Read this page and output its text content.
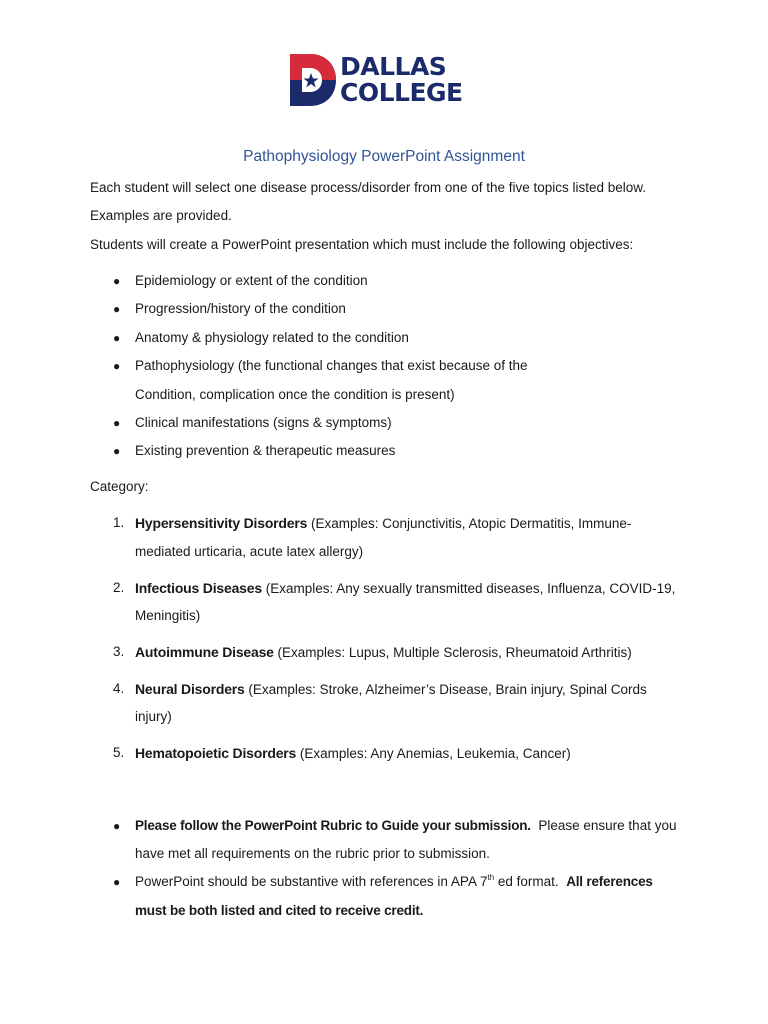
DALLAS
COLLEGE
Pathophysiology PowerPoint Assignment
Each student will select one disease process/disorder from one of the five topics listed below.
Examples are provided.
Students will create a PowerPoint presentation which must include the following objectives:
● Epidemiology or extent of the condition
● Progression/history of the condition
● Anatomy & physiology related to the condition
● Pathophysiology (the functional changes that exist because of the
Condition, complication once the condition is present)
● Clinical manifestations (signs & symptoms)
● Existing prevention & therapeutic measures
Category:
1. Hypersensitivity Disorders (Examples: Conjunctivitis, Atopic Dermatitis, Immune-
mediated urticaria, acute latex allergy)
2. Infectious Diseases (Examples: Any sexually transmitted diseases, Influenza, COVID-19,
Meningitis)
3. Autoimmune Disease (Examples: Lupus, Multiple Sclerosis, Rheumatoid Arthritis)
4. Neural Disorders (Examples: Stroke, Alzheimer’s Disease, Brain injury, Spinal Cords
injury)
5. Hematopoietic Disorders (Examples: Any Anemias, Leukemia, Cancer)
● Please follow the PowerPoint Rubric to Guide your submission. Please ensure that you
have met all requirements on the rubric prior to submission.
● PowerPoint should be substantive with references in APA 7th ed format. All references
must be both listed and cited to receive credit.
